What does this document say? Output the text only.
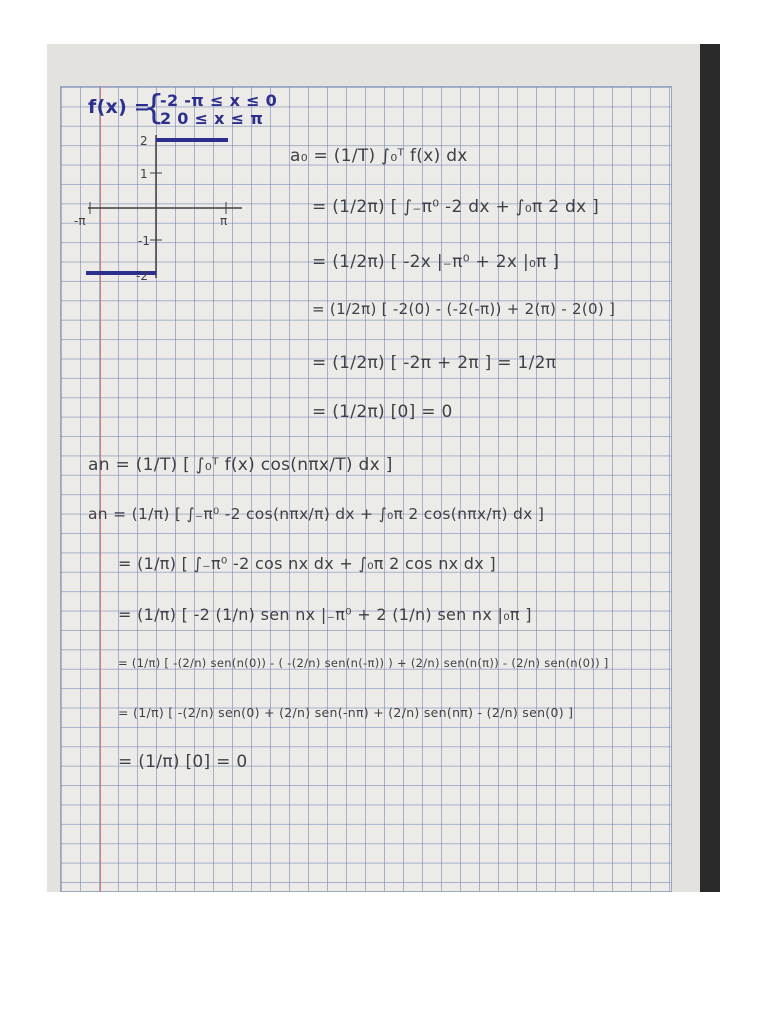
f(x) =
{
-2 -π ≤ x ≤ 0
2 0 ≤ x ≤ π
2
1
-1
-2
-π	π
a₀ = (1/T) ∫₀ᵀ f(x) dx
= (1/2π) [ ∫₋π⁰ -2 dx + ∫₀π 2 dx ]
= (1/2π) [ -2x |₋π⁰ + 2x |₀π ]
= (1/2π) [ -2(0) - (-2(-π)) + 2(π) - 2(0) ]
= (1/2π) [ -2π + 2π ] = 1/2π
= (1/2π) [0] = 0
an = (1/T) [ ∫₀ᵀ f(x) cos(nπx/T) dx ]
an = (1/π) [ ∫₋π⁰ -2 cos(nπx/π) dx + ∫₀π 2 cos(nπx/π) dx ]
= (1/π) [ ∫₋π⁰ -2 cos nx dx + ∫₀π 2 cos nx dx ]
= (1/π) [ -2 (1/n) sen nx |₋π⁰ + 2 (1/n) sen nx |₀π ]
= (1/π) [ -(2/n) sen(n(0)) - ( -(2/n) sen(n(-π)) ) + (2/n) sen(n(π)) - (2/n) sen(n(0)) ]
= (1/π) [ -(2/n) sen(0) + (2/n) sen(-nπ) + (2/n) sen(nπ) - (2/n) sen(0) ]
= (1/π) [0] = 0
